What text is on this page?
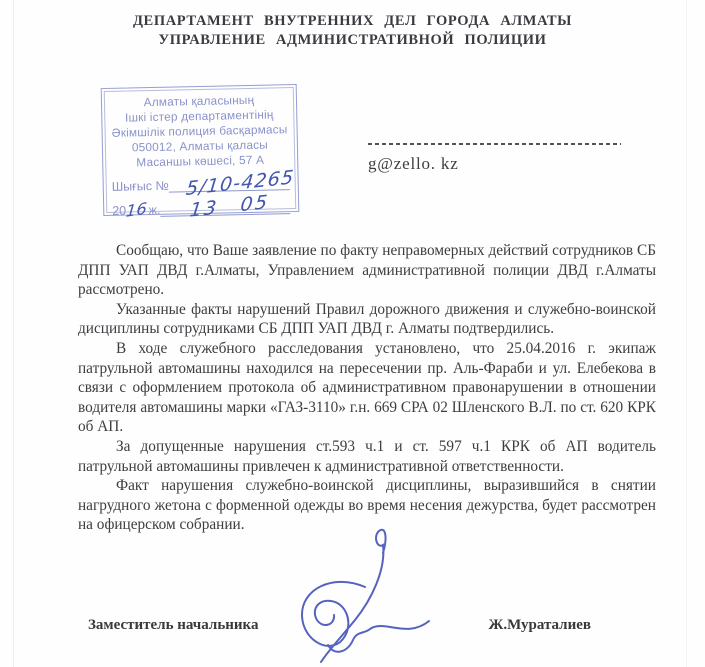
ДЕПАРТАМЕНТ ВНУТРЕННИХ ДЕЛ ГОРОДА АЛМАТЫ
УПРАВЛЕНИЕ АДМИНИСТРАТИВНОЙ ПОЛИЦИИ
Алматы қаласының
Ішкі істер департаментінің
Әкімшілік полиция басқармасы
050012, Алматы қаласы
Масаншы көшесі, 57 А
Шығыс № 5/10-4265
20
16 ж. 13 05
g@zello. kz

Сообщаю, что Ваше заявление по факту неправомерных действий сотрудников СБ ДПП УАП ДВД г.Алматы, Управлением административной полиции ДВД г.Алматы рассмотрено.

Указанные факты нарушений Правил дорожного движения и служебно-воинской дисциплины сотрудниками СБ ДПП УАП ДВД г. Алматы подтвердились.

В ходе служебного расследования установлено, что 25.04.2016 г. экипаж патрульной автомашины находился на пересечении пр. Аль-Фараби и ул. Елебекова в связи с оформлением протокола об административном правонарушении в отношении водителя автомашины марки «ГАЗ-3110» г.н. 669 СРА 02 Шленского В.Л. по ст. 620 КРК об АП.

За допущенные нарушения ст.593 ч.1 и ст. 597 ч.1 КРК об АП водитель патрульной автомашины привлечен к административной ответственности.

Факт нарушения служебно-воинской дисциплины, выразившийся в снятии нагрудного жетона с форменной одежды во время несения дежурства, будет рассмотрен на офицерском собрании.

Заместитель начальника	Ж.Мураталиев
